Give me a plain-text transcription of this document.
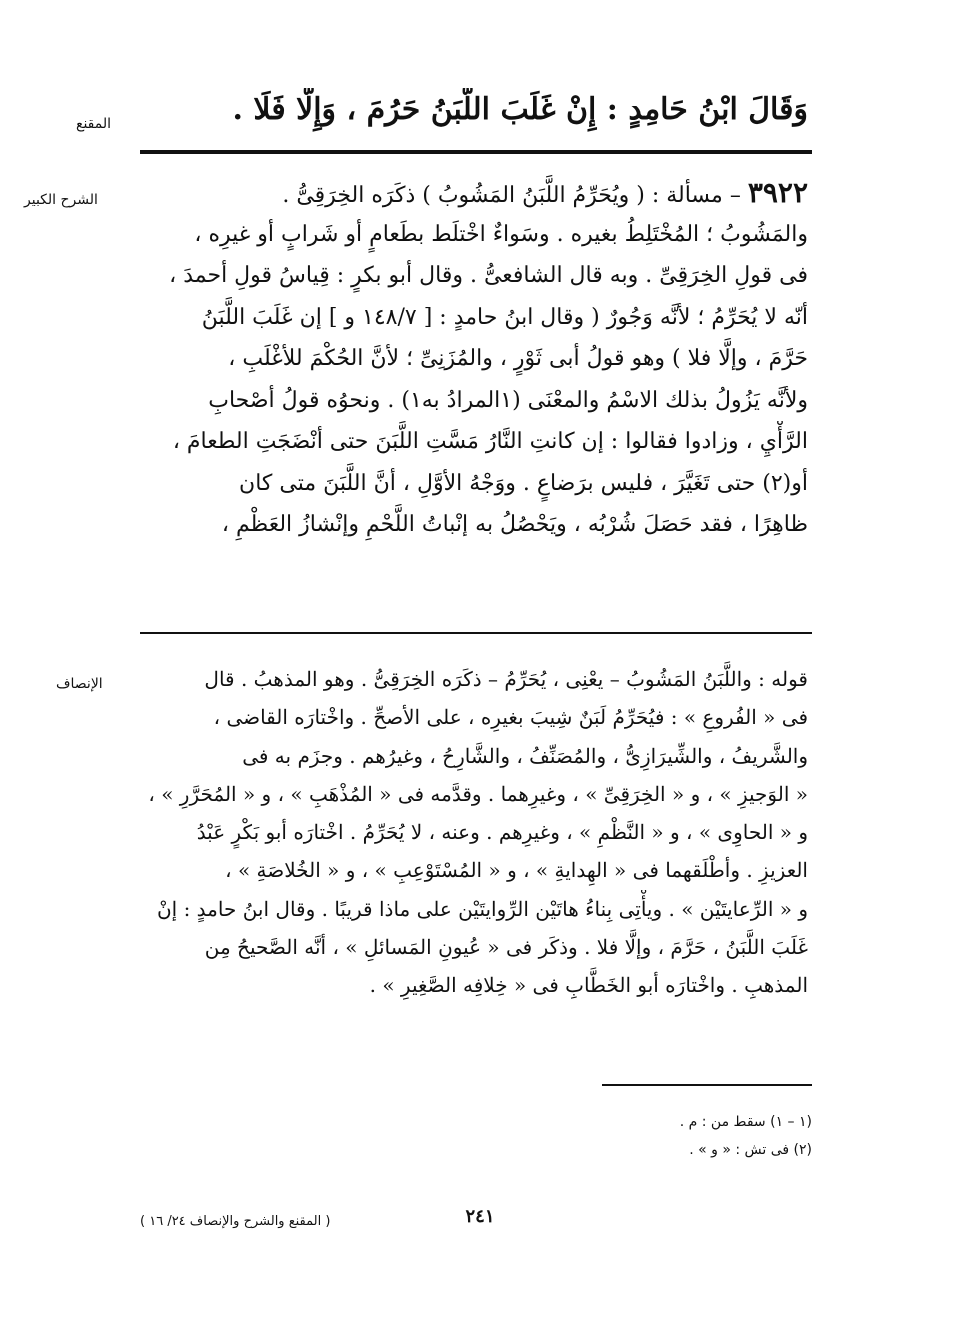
المقنع
الشرح الكبير
الإنصاف
وَقَالَ ابْنُ حَامِدٍ : إِنْ غَلَبَ اللَّبَنُ حَرُمَ ، وَإِلَّا فَلَا .
٣٩٢٢ – مسألة : ( ويُحَرِّمُ اللَّبَنُ المَشُوبُ ) ذكَرَه الخِرَقِىُّ .
والمَشُوبُ ؛ المُخْتَلِطُ بغيره . وسَواءٌ اخْتلَط بطَعامٍ أو شَرابٍ أو غيرِه ،
فى قولِ الخِرَقِىِّ . وبه قال الشافعىُّ . وقال أبو بكرٍ : قِياسُ قولِ أحمدَ ،
أنّه لا يُحَرِّمُ ؛ لأنَّه وَجُورٌ ( وقال ابنُ حامدٍ : [ ١٤٨/٧ و ] إن غَلَبَ اللَّبَنُ
حَرَّمَ ، وإلَّا فلا ) وهو قولُ أبى ثَوْرٍ ، والمُزَنِىِّ ؛ لأنَّ الحُكْمَ للأغْلَبِ ،
ولأنَّه يَزُولُ بذلك الاسْمُ والمعْنَى (١المرادُ به١) . ونحوُه قولُ أصْحابِ
الرَّأْيِ ، وزادوا فقالوا : إن كانتِ النَّارُ مَسَّتِ اللَّبَنَ حتى أنْضَجَتِ الطعامَ ،
أو(٢) حتى تَغَيَّرَ ، فليس برَضاعٍ . ووَجْهُ الأوَّلِ ، أنَّ اللَّبَنَ متى كان
ظاهِرًا ، فقد حَصَلَ شُرْبُه ، ويَحْصُلُ به إنْباتُ اللَّحْمِ وإنْشازُ العَظْمِ ،
قوله : واللَّبَنُ المَشُوبُ – يعْنِى ، يُحَرِّمُ – ذكَرَه الخِرَقِىُّ . وهو المذهبُ . قال
فى « الفُروعِ » : فيُحَرِّمُ لَبَنٌ شِيبَ بغيرِه ، على الأصحِّ . واخْتارَه القاضى ،
والشَّريفُ ، والشِّيرَازِىُّ ، والمُصَنِّفُ ، والشَّارِحُ ، وغيرُهم . وجزَم به فى
« الوَجيزِ » ، و « الخِرَقِىِّ » ، وغيرِهما . وقدَّمه فى « المُذْهَبِ » ، و « المُحَرَّرِ » ،
و « الحاوِى » ، و « النَّظْمِ » ، وغيرِهم . وعنه ، لا يُحَرِّمُ . اخْتارَه أبو بَكْرٍ عَبْدُ
العزيزِ . وأطْلَقهما فى « الهِدايةِ » ، و « المُسْتَوْعِبِ » ، و « الخُلاصَةِ » ،
و « الرِّعايتَيْن » . ويأْتِى بِناءُ هاتَيْن الرِّوايتَيْن على ماذا قريبًا . وقال ابنُ حامدٍ : إنْ
غَلَبَ اللَّبَنُ ، حَرَّمَ ، وإلَّا فلا . وذكَر فى « عُيونِ المَسائلِ » ، أنَّه الصَّحيحُ مِن
المذهبِ . واخْتارَه أبو الخَطَّابِ فى « خِلافِه الصَّغِيرِ » .
(١ – ١) سقط من : م .
(٢) فى تش : « و » .
٢٤١
( المقنع والشرح والإنصاف ٢٤/ ١٦ )
